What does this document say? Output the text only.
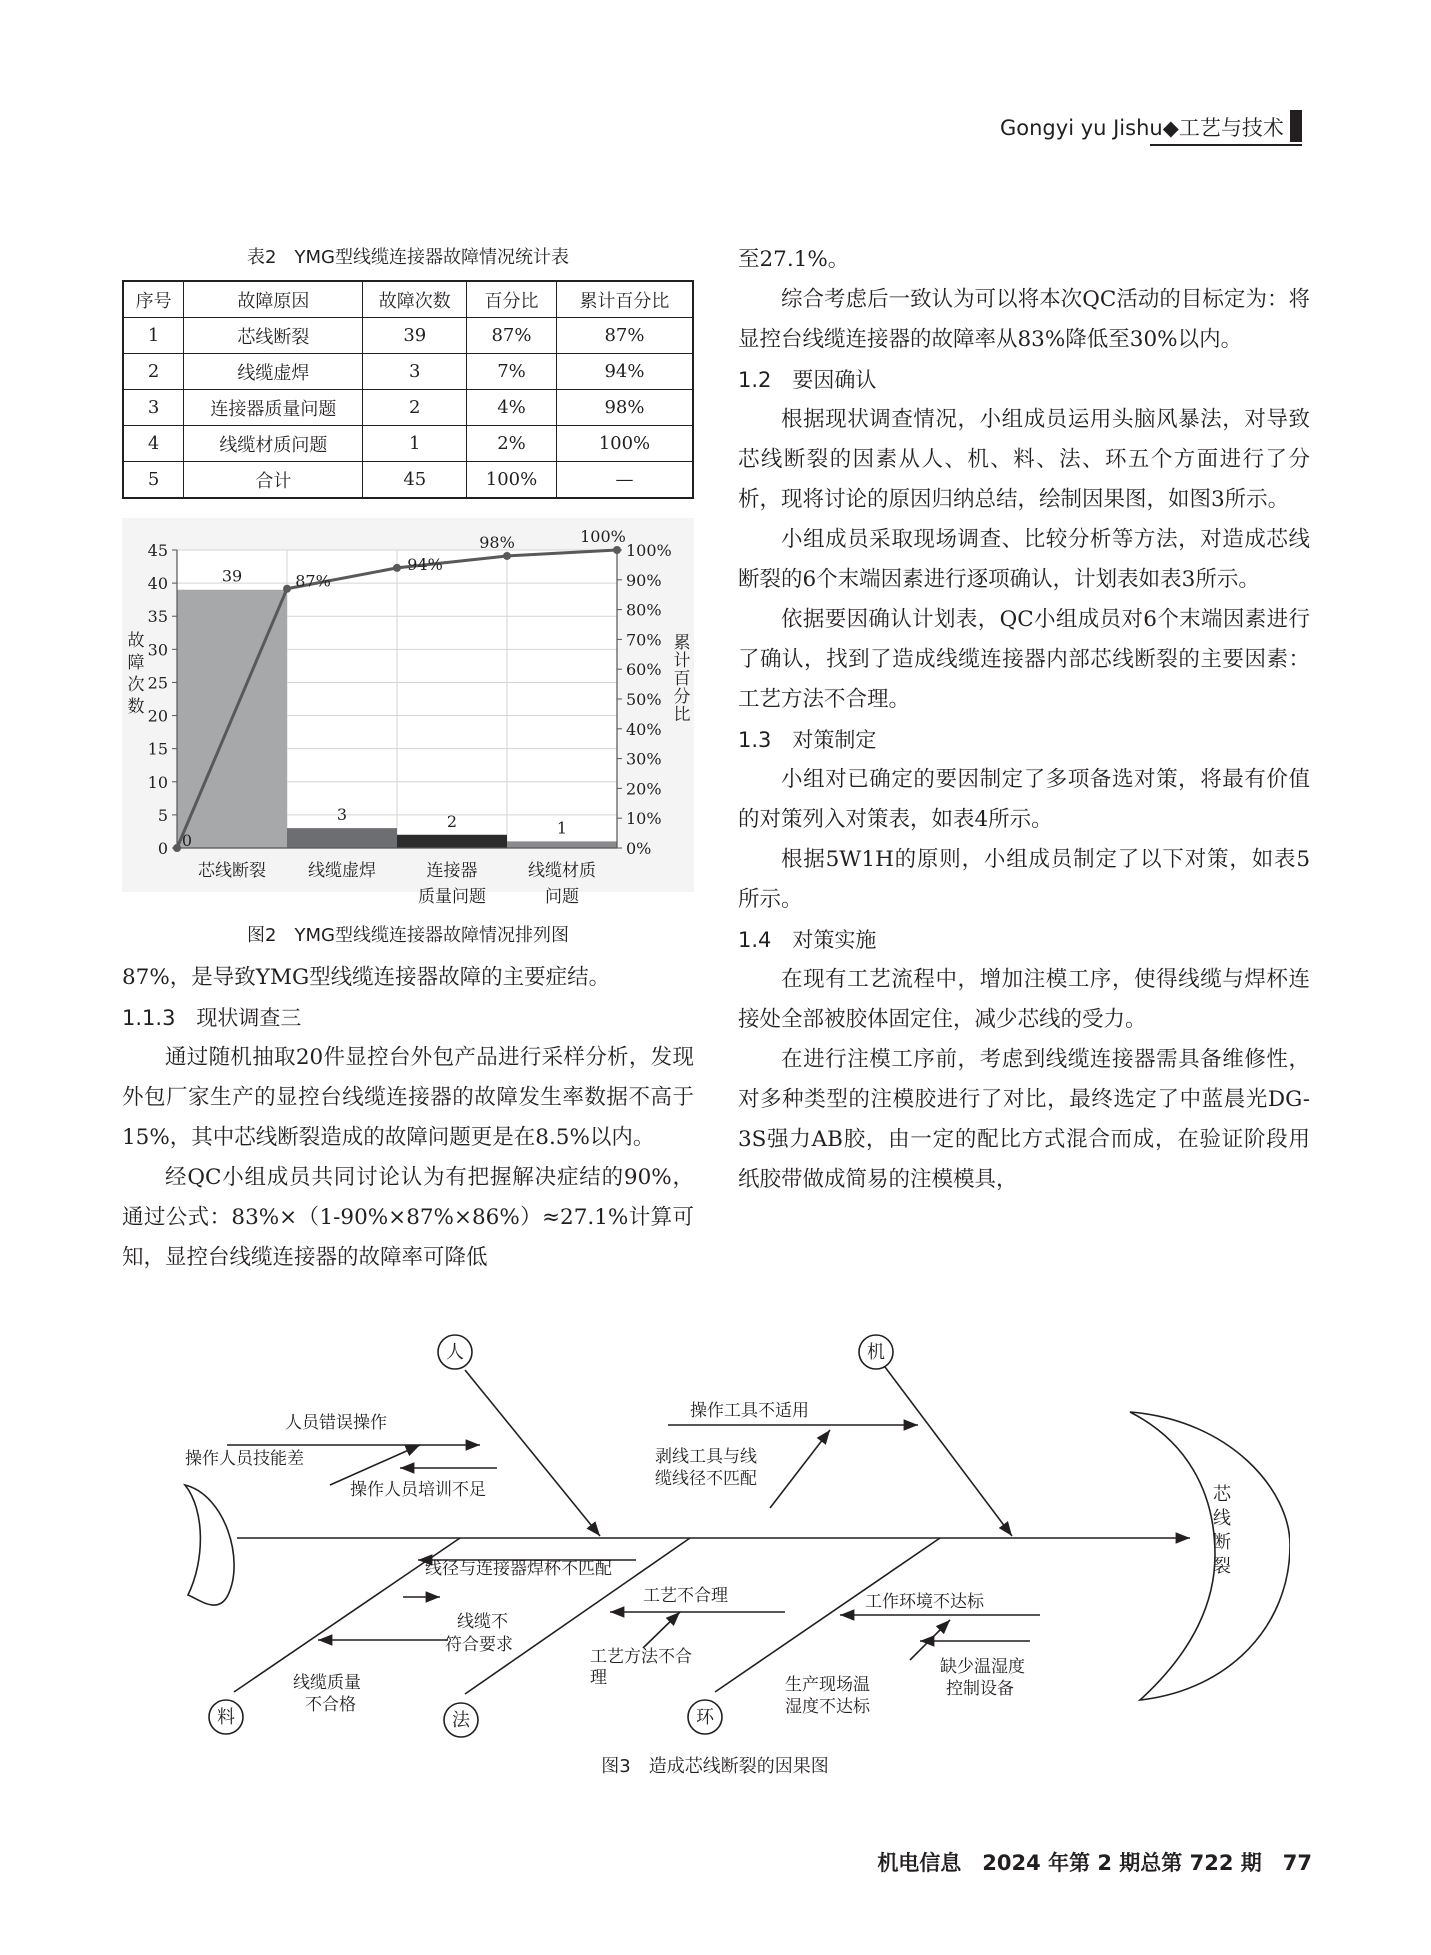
Gongyi yu Jishu◆工艺与技术
表2　YMG型线缆连接器故障情况统计表
序号	故障原因	故障次数	百分比	累计百分比
1	芯线断裂	39	87%	87%
2	线缆虚焊	3	7%	94%
3	连接器质量问题	2	4%	98%
4	线缆材质问题	1	2%	100%
5	合计	45	100%	—
0
5
10
15
20
25
30
35
40
45
0%
10%
20%
30%
40%
50%
60%
70%
80%
90%
100%
39
3	2	1
芯线断裂 线缆虚焊	连接器
质量问题
线缆材质
问题
0
87%
94%
98%	100%
故
障
次
数
累
计
百
分
比
图2　YMG型线缆连接器故障情况排列图

87%，是导致YMG型线缆连接器故障的主要症结。

1.1.3　现状调查三

通过随机抽取20件显控台外包产品进行采样分析，发现外包厂家生产的显控台线缆连接器的故障发生率数据不高于15%，其中芯线断裂造成的故障问题更是在8.5%以内。

经QC小组成员共同讨论认为有把握解决症结的90%，通过公式：83%×（1-90%×87%×86%）≈27.1%计算可知，显控台线缆连接器的故障率可降低

至27.1%。

综合考虑后一致认为可以将本次QC活动的目标定为：将显控台线缆连接器的故障率从83%降低至30%以内。

1.2　要因确认

根据现状调查情况，小组成员运用头脑风暴法，对导致芯线断裂的因素从人、机、料、法、环五个方面进行了分析，现将讨论的原因归纳总结，绘制因果图，如图3所示。

小组成员采取现场调查、比较分析等方法，对造成芯线断裂的6个末端因素进行逐项确认，计划表如表3所示。

依据要因确认计划表，QC小组成员对6个末端因素进行了确认，找到了造成线缆连接器内部芯线断裂的主要因素：工艺方法不合理。

1.3　对策制定

小组对已确定的要因制定了多项备选对策，将最有价值的对策列入对策表，如表4所示。

根据5W1H的原则，小组成员制定了以下对策，如表5所示。

1.4　对策实施

在现有工艺流程中，增加注模工序，使得线缆与焊杯连接处全部被胶体固定住，减少芯线的受力。

在进行注模工序前，考虑到线缆连接器需具备维修性，对多种类型的注模胶进行了对比，最终选定了中蓝晨光DG-3S强力AB胶，由一定的配比方式混合而成，在验证阶段用纸胶带做成简易的注模模具，

人	机
料	法	环
人员错误操作
操作人员技能差
操作人员培训不足
操作工具不适用
剥线工具与线
缆线径不匹配
线径与连接器焊杯不匹配
线缆不
符合要求
线缆质量
不合格
工艺不合理
工艺方法不合
理
工作环境不达标
生产现场温
湿度不达标
缺少温湿度
控制设备
芯线断裂
图3　造成芯线断裂的因果图
机电信息　2024 年第 2 期总第 722 期　77
